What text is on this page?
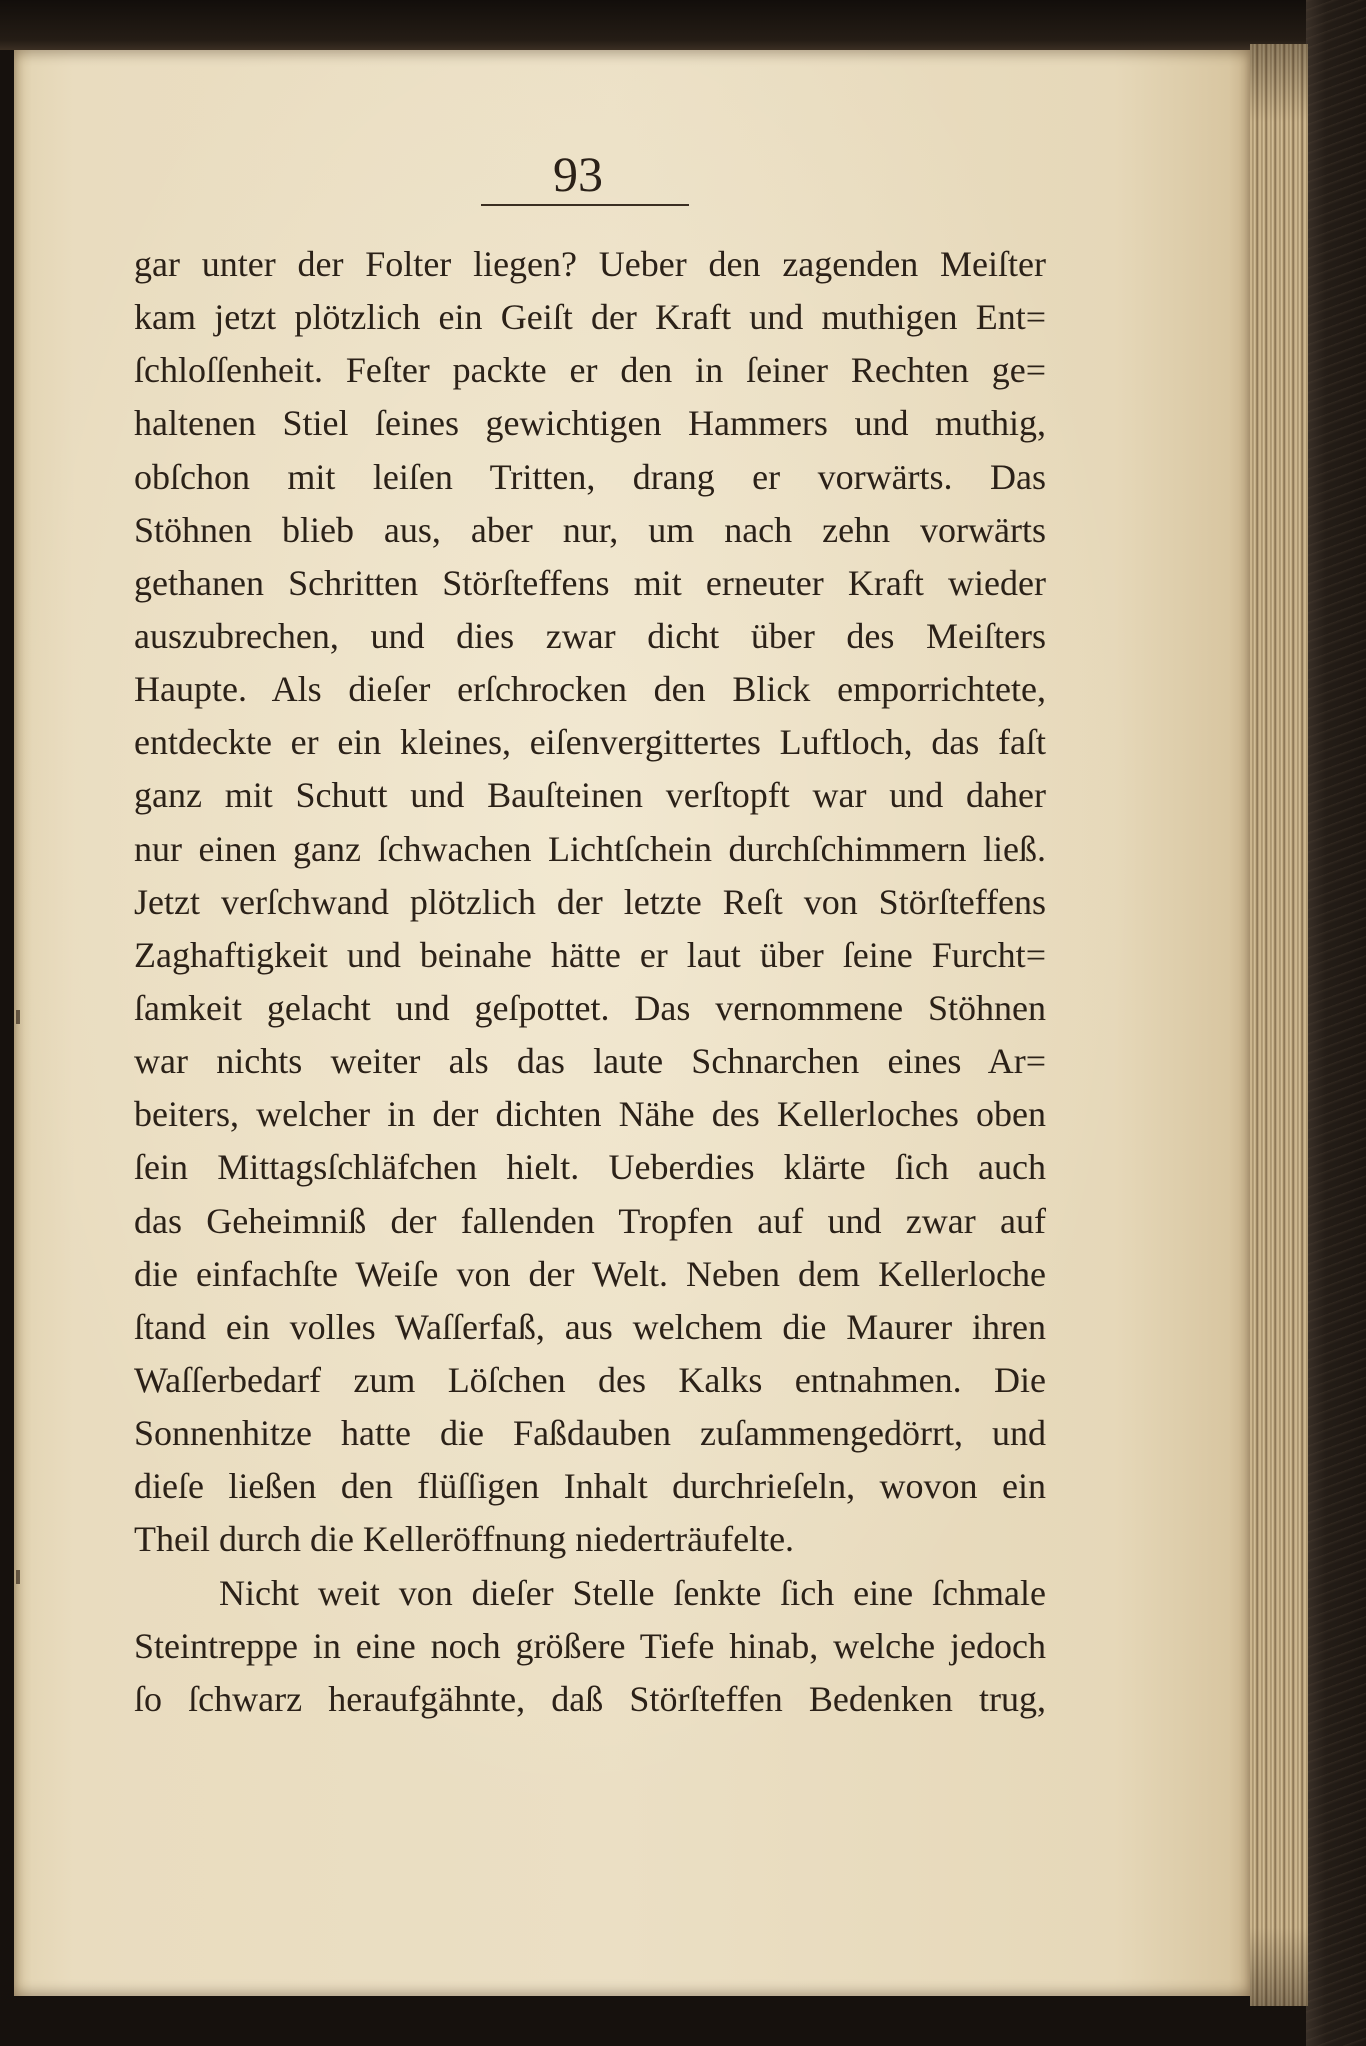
93
gar unter der Folter liegen? Ueber den zagenden Meiſter
kam jetzt plötzlich ein Geiſt der Kraft und muthigen Ent=
ſchloſſenheit. Feſter packte er den in ſeiner Rechten ge=
haltenen Stiel ſeines gewichtigen Hammers und muthig,
obſchon mit leiſen Tritten, drang er vorwärts. Das
Stöhnen blieb aus, aber nur, um nach zehn vorwärts
gethanen Schritten Störſteffens mit erneuter Kraft wieder
auszubrechen, und dies zwar dicht über des Meiſters
Haupte. Als dieſer erſchrocken den Blick emporrichtete,
entdeckte er ein kleines, eiſenvergittertes Luftloch, das faſt
ganz mit Schutt und Bauſteinen verſtopft war und daher
nur einen ganz ſchwachen Lichtſchein durchſchimmern ließ.
Jetzt verſchwand plötzlich der letzte Reſt von Störſteffens
Zaghaftigkeit und beinahe hätte er laut über ſeine Furcht=
ſamkeit gelacht und geſpottet. Das vernommene Stöhnen
war nichts weiter als das laute Schnarchen eines Ar=
beiters, welcher in der dichten Nähe des Kellerloches oben
ſein Mittagsſchläfchen hielt. Ueberdies klärte ſich auch
das Geheimniß der fallenden Tropfen auf und zwar auf
die einfachſte Weiſe von der Welt. Neben dem Kellerloche
ſtand ein volles Waſſerfaß, aus welchem die Maurer ihren
Waſſerbedarf zum Löſchen des Kalks entnahmen. Die
Sonnenhitze hatte die Faßdauben zuſammengedörrt, und
dieſe ließen den flüſſigen Inhalt durchrieſeln, wovon ein
Theil durch die Kelleröffnung niederträufelte.
Nicht weit von dieſer Stelle ſenkte ſich eine ſchmale
Steintreppe in eine noch größere Tiefe hinab, welche jedoch
ſo ſchwarz heraufgähnte, daß Störſteffen Bedenken trug,
